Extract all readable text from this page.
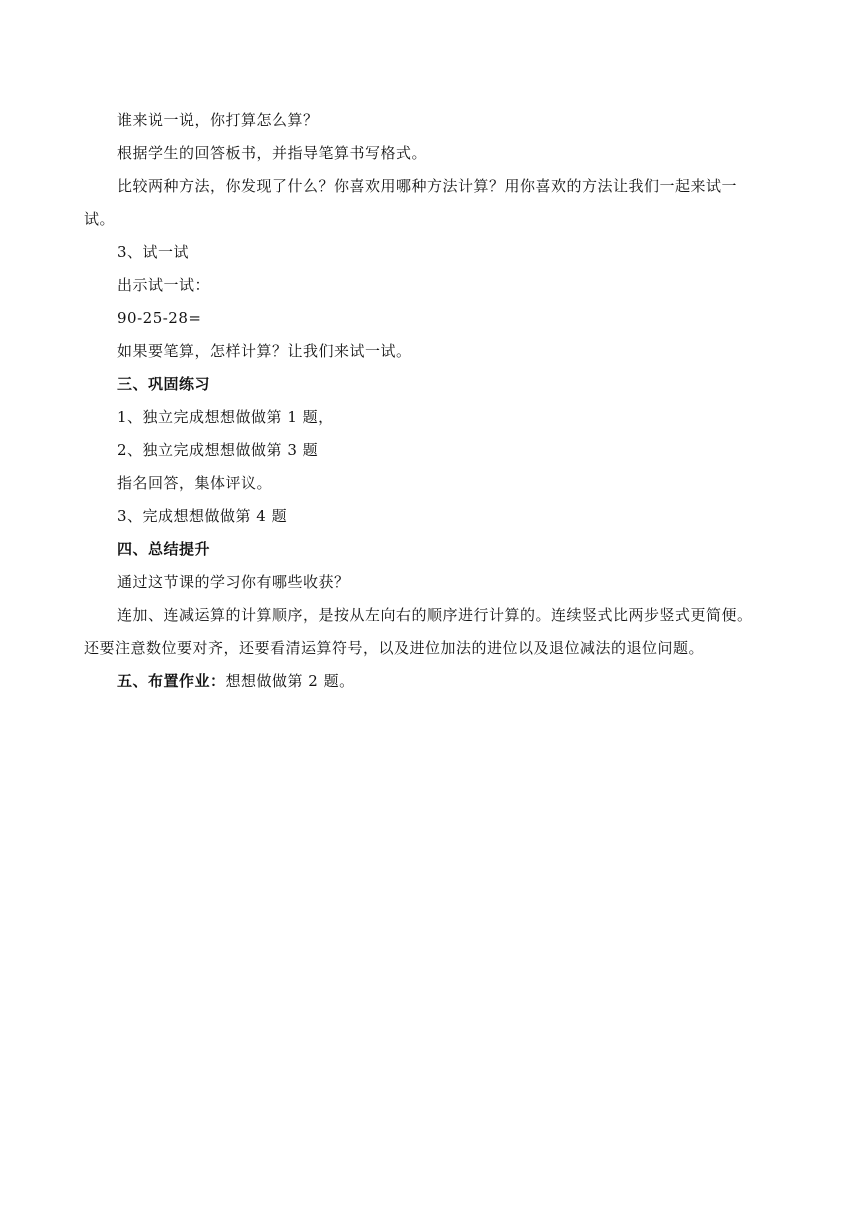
谁来说一说，你打算怎么算？

根据学生的回答板书，并指导笔算书写格式。

比较两种方法，你发现了什么？你喜欢用哪种方法计算？用你喜欢的方法让我们一起来试一试。

3、试一试

出示试一试：

90-25-28=

如果要笔算，怎样计算？让我们来试一试。

三、巩固练习

1、独立完成想想做做第 1 题，

2、独立完成想想做做第 3 题

指名回答，集体评议。

3、完成想想做做第 4 题

四、总结提升

通过这节课的学习你有哪些收获？

连加、连减运算的计算顺序，是按从左向右的顺序进行计算的。连续竖式比两步竖式更简便。还要注意数位要对齐，还要看清运算符号，以及进位加法的进位以及退位减法的退位问题。

五、布置作业：想想做做第 2 题。
